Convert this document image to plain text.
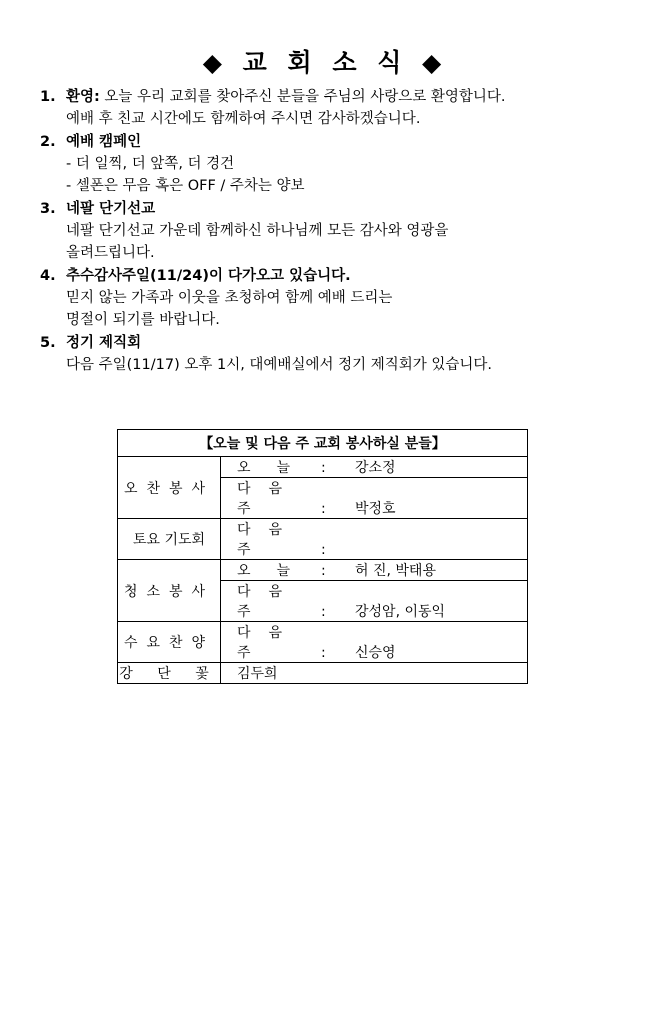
◆ 교 회 소 식 ◆
1. 환영: 오늘 우리 교회를 찾아주신 분들을 주님의 사랑으로 환영합니다.
예배 후 친교 시간에도 함께하여 주시면 감사하겠습니다.
2. 예배 캠페인
- 더 일찍, 더 앞쪽, 더 경건
- 셀폰은 무음 혹은 OFF / 주차는 양보
3. 네팔 단기선교
네팔 단기선교 가운데 함께하신 하나님께 모든 감사와 영광을
올려드립니다.
4. 추수감사주일(11/24)이 다가오고 있습니다.
믿지 않는 가족과 이웃을 초청하여 함께 예배 드리는
명절이 되기를 바랍니다.
5. 정기 제직회
다음 주일(11/17) 오후 1시, 대예배실에서 정기 제직회가 있습니다.
【오늘 및 다음 주 교회 봉사하실 분들】	
오찬봉사	오늘 : 강소정
	다음주 : 박정호
토요 기도회	다음주 :
청소봉사	오늘 : 허 진, 박태용
	다음주 : 강성암, 이동익
수요찬양	다음주 : 신승영
강 단 꽃	김두희
